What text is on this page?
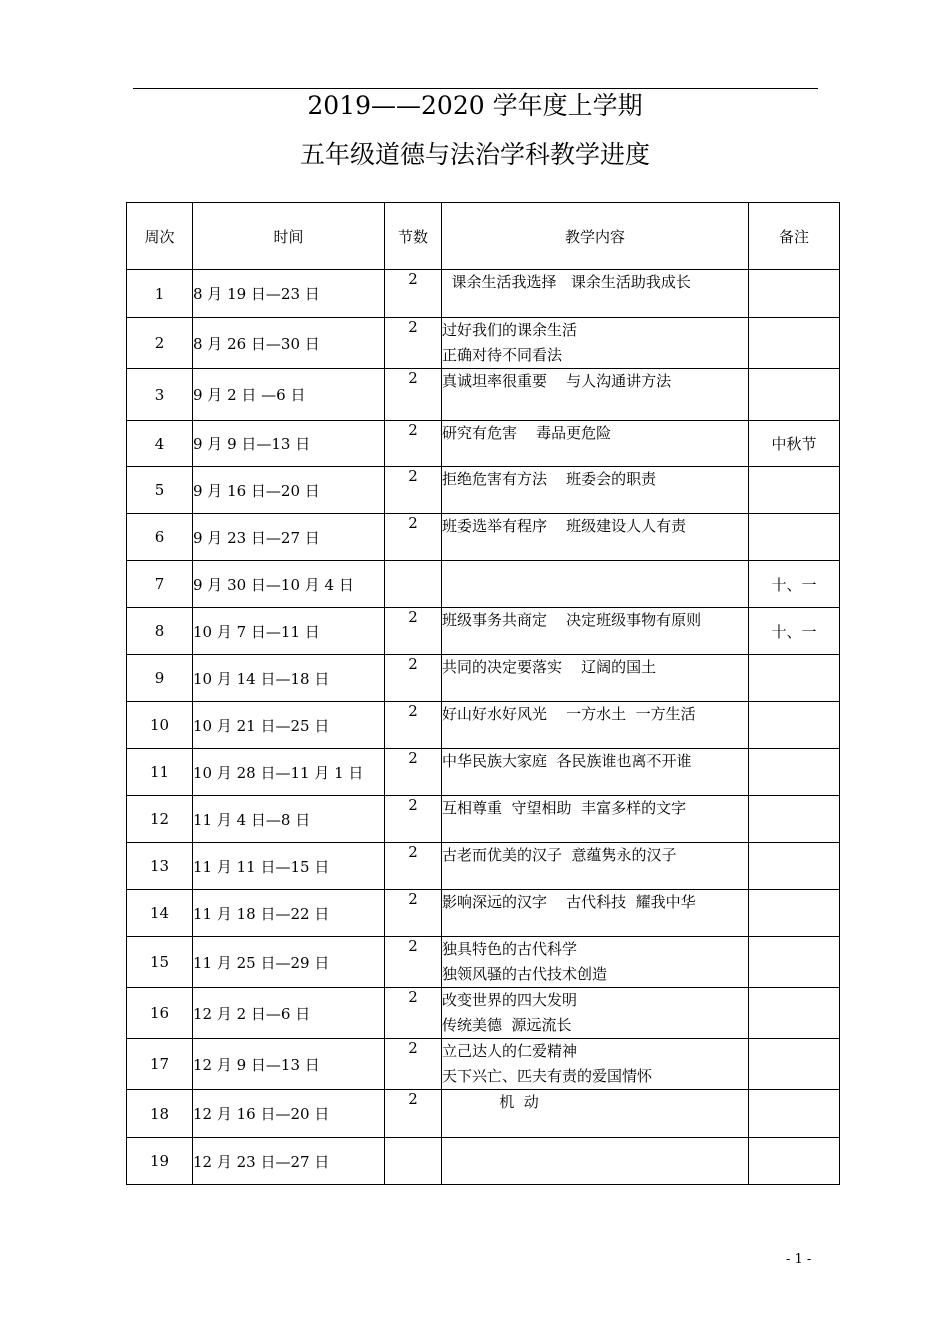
2019——2020 学年度上学期
五年级道德与法治学科教学进度
周次	时间	节数	教学内容	备注
1	8 月 19 日—23 日	2	课余生活我选择   课余生活助我成长	

2	8 月 26 日—30 日	2	过好我们的课余生活
正确对待不同看法	

3	9 月 2 日 —6 日	2	真诚坦率很重要    与人沟通讲方法	

4	9 月 9 日—13 日	2	研究有危害    毒品更危险	中秋节
5	9 月 16 日—20 日	2	拒绝危害有方法    班委会的职责	

6	9 月 23 日—27 日	2	班委选举有程序    班级建设人人有责	

7	9 月 30 日—10 月 4 日			十、一
8	10 月 7 日—11 日	2	班级事务共商定    决定班级事物有原则	十、一
9	10 月 14 日—18 日	2	共同的决定要落实    辽阔的国土	

10	10 月 21 日—25 日	2	好山好水好风光    一方水土  一方生活	

11	10 月 28 日—11 月 1 日	2	中华民族大家庭  各民族谁也离不开谁	

12	11 月 4 日—8 日	2	互相尊重  守望相助  丰富多样的文字	

13	11 月 11 日—15 日	2	古老而优美的汉子  意蕴隽永的汉子	

14	11 月 18 日—22 日	2	影响深远的汉字    古代科技  耀我中华	

15	11 月 25 日—29 日	2	独具特色的古代科学
独领风骚的古代技术创造	

16	12 月 2 日—6 日	2	改变世界的四大发明
传统美德  源远流长	

17	12 月 9 日—13 日	2	立己达人的仁爱精神
天下兴亡、匹夫有责的爱国情怀	

18	12 月 16 日—20 日	2	机  动	

19	12 月 23 日—27 日		

- 1 -
